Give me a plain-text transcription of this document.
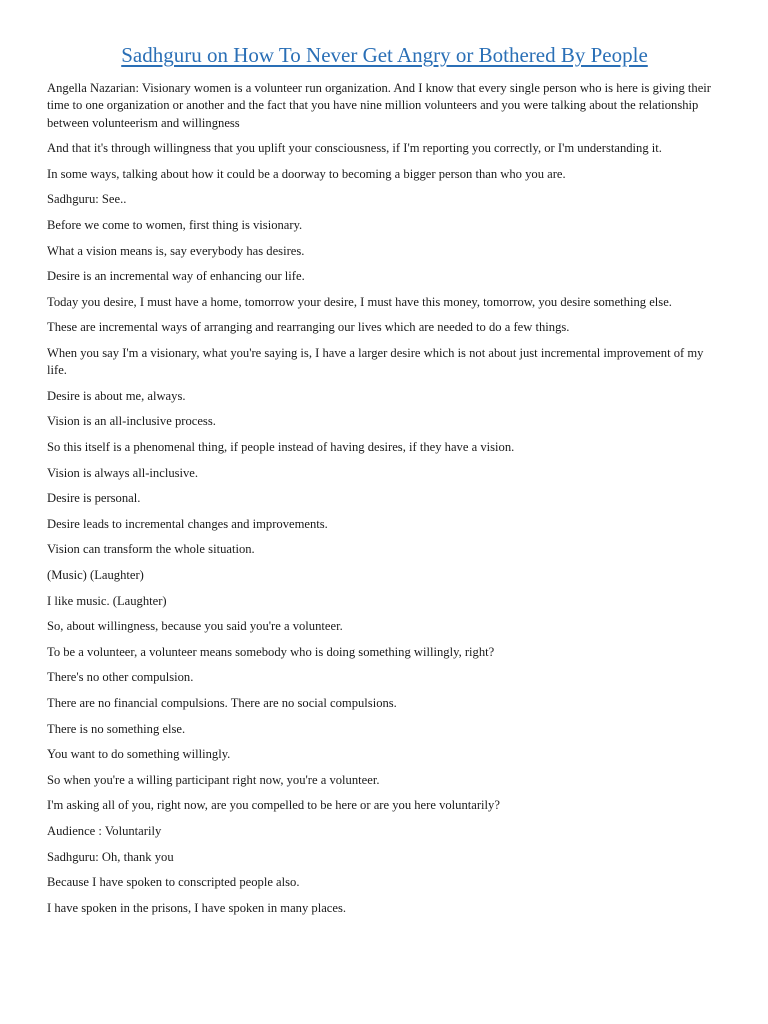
Sadhguru on How To Never Get Angry or Bothered By People

Angella Nazarian: Visionary women is a volunteer run organization. And I know that every single person who is here is giving their time to one organization or another and the fact that you have nine million volunteers and you were talking about the relationship between volunteerism and willingness

And that it's through willingness that you uplift your consciousness, if I'm reporting you correctly, or I'm understanding it.

In some ways, talking about how it could be a doorway to becoming a bigger person than who you are.

Sadhguru: See..

Before we come to women, first thing is visionary.

What a vision means is, say everybody has desires.

Desire is an incremental way of enhancing our life.

Today you desire, I must have a home, tomorrow your desire, I must have this money, tomorrow, you desire something else.

These are incremental ways of arranging and rearranging our lives which are needed to do a few things.

When you say I'm a visionary, what you're saying is, I have a larger desire which is not about just incremental improvement of my life.

Desire is about me, always.

Vision is an all-inclusive process.

So this itself is a phenomenal thing, if people instead of having desires, if they have a vision.

Vision is always all-inclusive.

Desire is personal.

Desire leads to incremental changes and improvements.

Vision can transform the whole situation.

(Music) (Laughter)

I like music. (Laughter)

So, about willingness, because you said you're a volunteer.

To be a volunteer, a volunteer means somebody who is doing something willingly, right?

There's no other compulsion.

There are no financial compulsions. There are no social compulsions.

There is no something else.

You want to do something willingly.

So when you're a willing participant right now, you're a volunteer.

I'm asking all of you, right now, are you compelled to be here or are you here voluntarily?

Audience : Voluntarily

Sadhguru: Oh, thank you

Because I have spoken to conscripted people also.

I have spoken in the prisons, I have spoken in many places.
